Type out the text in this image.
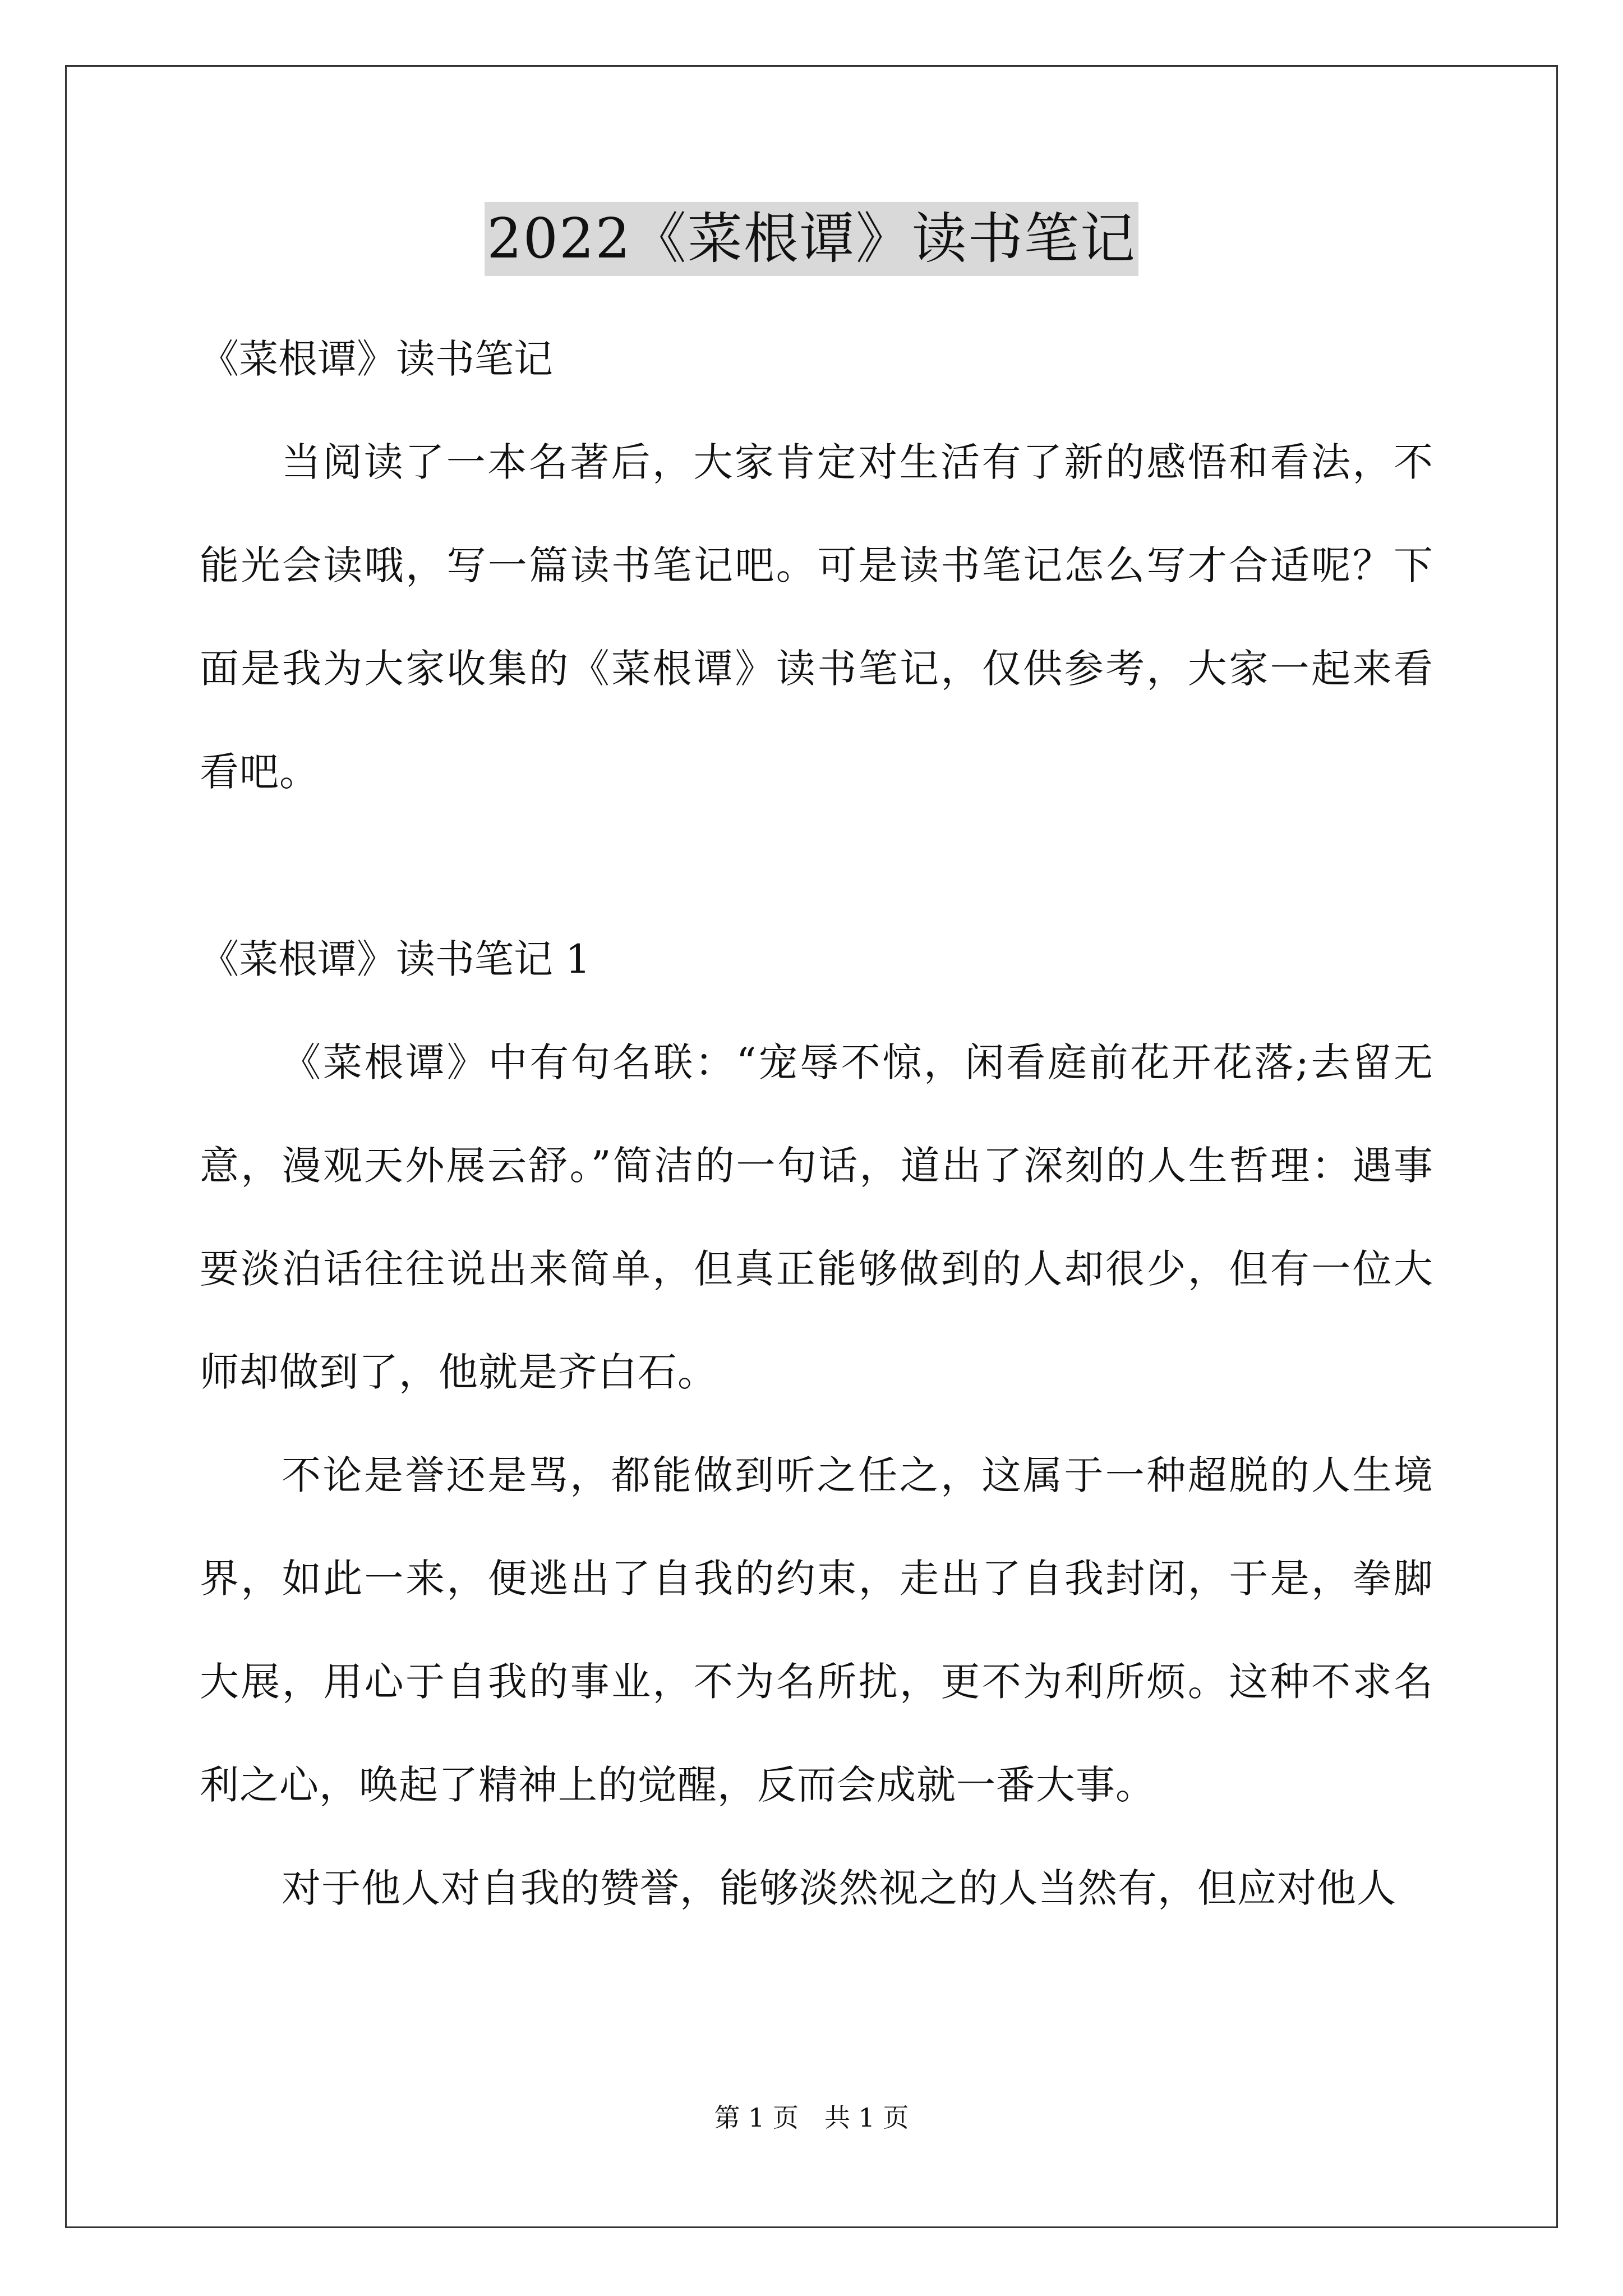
2022《菜根谭》读书笔记

《菜根谭》读书笔记

当阅读了一本名著后，大家肯定对生活有了新的感悟和看法，不能光会读哦，写一篇读书笔记吧。可是读书笔记怎么写才合适呢？下面是我为大家收集的《菜根谭》读书笔记，仅供参考，大家一起来看看吧。

《菜根谭》读书笔记 1

《菜根谭》中有句名联：“宠辱不惊，闲看庭前花开花落;去留无意，漫观天外展云舒。”简洁的一句话，道出了深刻的人生哲理：遇事要淡泊话往往说出来简单，但真正能够做到的人却很少，但有一位大师却做到了，他就是齐白石。

不论是誉还是骂，都能做到听之任之，这属于一种超脱的人生境界，如此一来，便逃出了自我的约束，走出了自我封闭，于是，拳脚大展，用心于自我的事业，不为名所扰，更不为利所烦。这种不求名利之心，唤起了精神上的觉醒，反而会成就一番大事。

对于他人对自我的赞誉，能够淡然视之的人当然有，但应对他人

第 1 页　共 1 页
